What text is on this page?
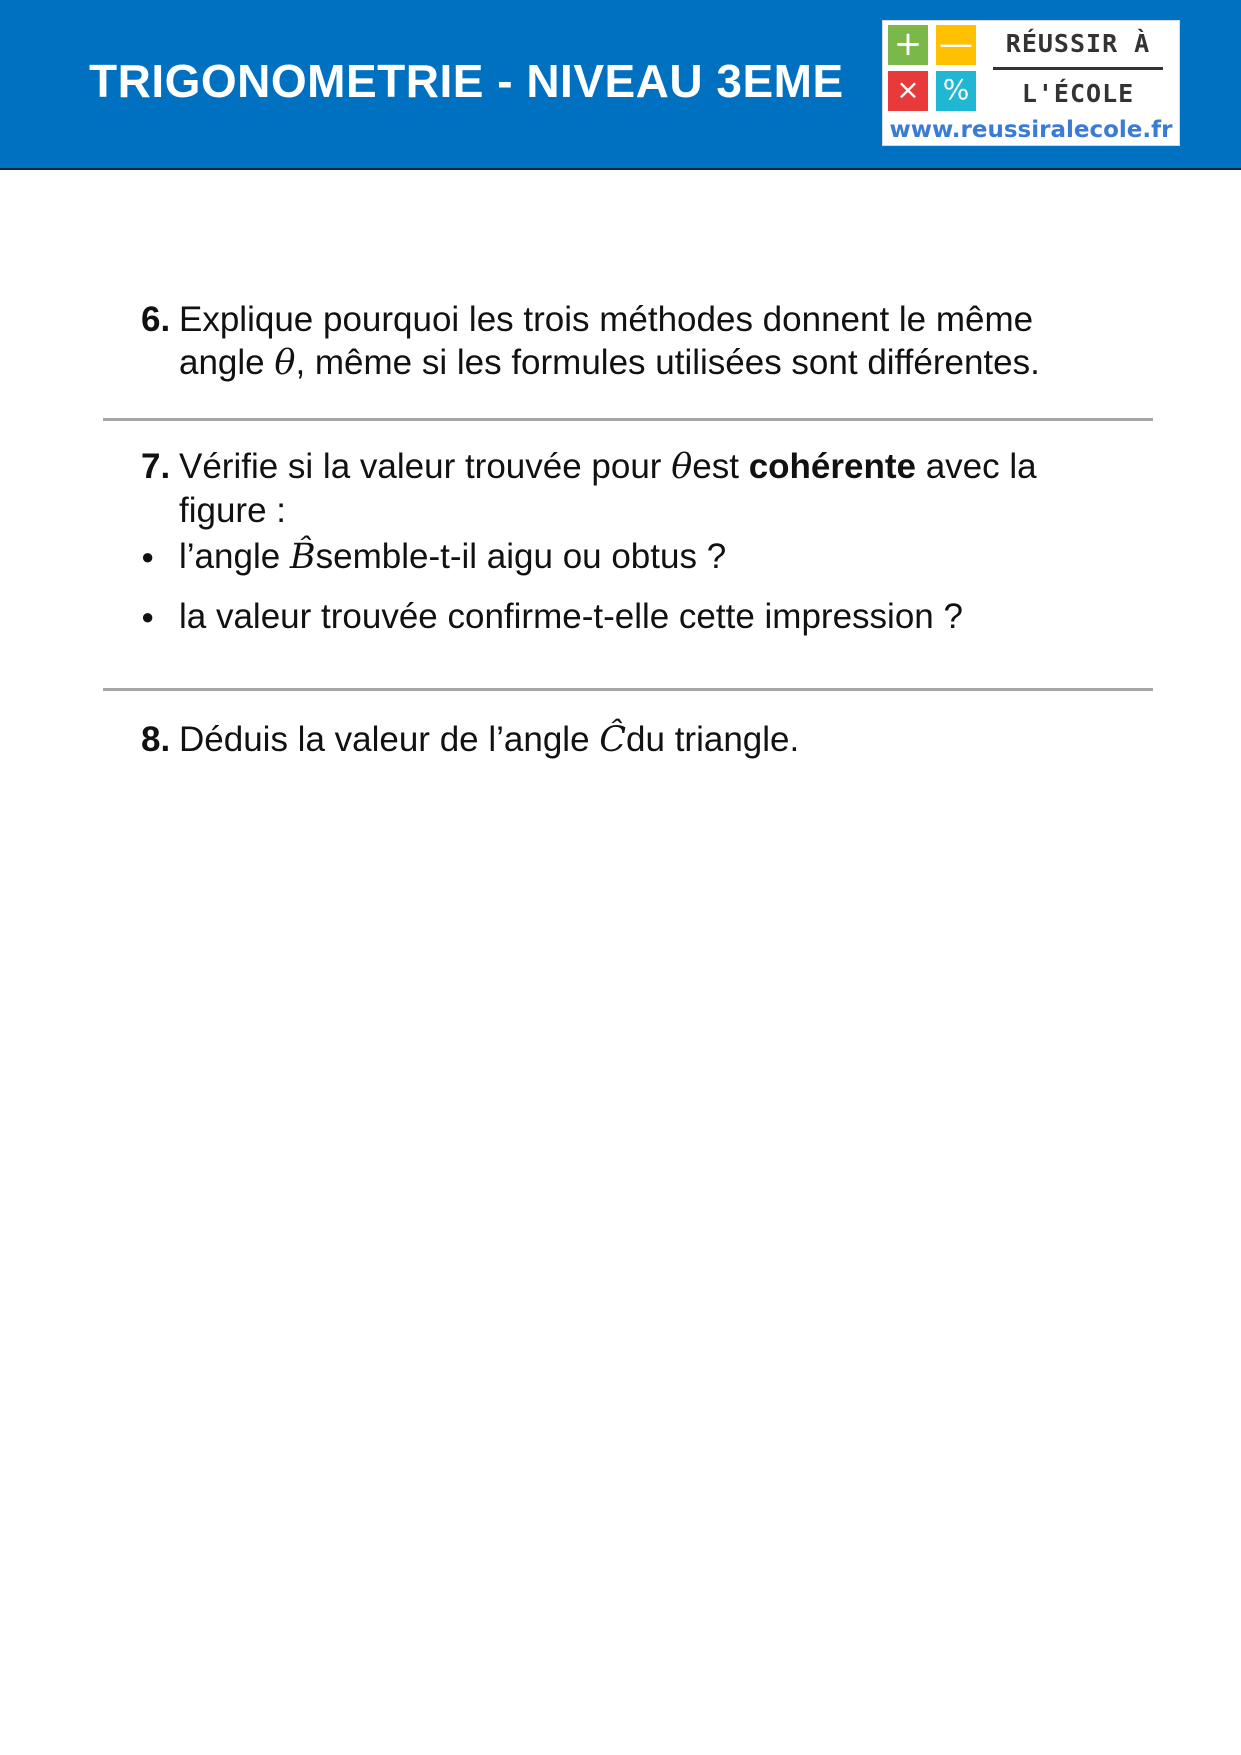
TRIGONOMETRIE - NIVEAU 3EME
+ —
× %
RÉUSSIR À
L'ÉCOLE
www.reussiralecole.fr
6. Explique pourquoi les trois méthodes donnent le même
angle θ, même si les formules utilisées sont différentes.
7. Vérifie si la valeur trouvée pour θest cohérente avec la
figure :
● l’angle B̂semble-t-il aigu ou obtus ?
● la valeur trouvée confirme-t-elle cette impression ?
8. Déduis la valeur de l’angle Ĉdu triangle.
